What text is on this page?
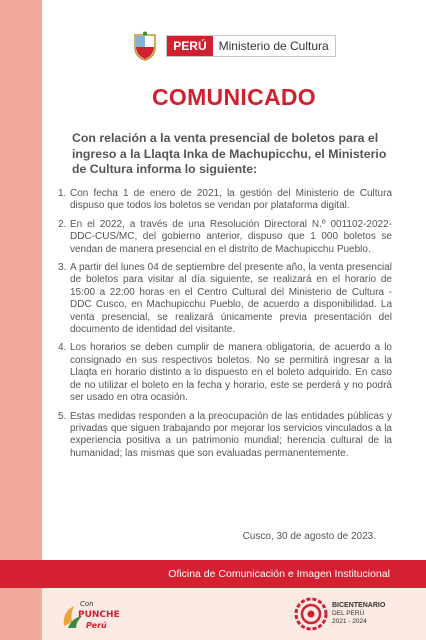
PERÚ	Ministerio de Cultura
COMUNICADO
Con relación a la venta presencial de boletos para el ingreso a la Llaqta Inka de Machupicchu, el Ministerio de Cultura informa lo siguiente:
1. Con fecha 1 de enero de 2021, la gestión del Ministerio de Cultura dispuso que todos los boletos se vendan por plataforma digital.
2. En el 2022, a través de una Resolución Directoral N.º 001102-2022-DDC-CUS/MC, del gobierno anterior, dispuso que 1 000 boletos se vendan de manera presencial en el distrito de Machupicchu Pueblo.
3. A partir del lunes 04 de septiembre del presente año, la venta presencial de boletos para visitar al día siguiente, se realizará en el horario de 15:00 a 22:00 horas en el Centro Cultural del Ministerio de Cultura - DDC Cusco, en Machupicchu Pueblo, de acuerdo a disponibilidad. La venta presencial, se realizará únicamente previa presentación del documento de identidad del visitante.
4. Los horarios se deben cumplir de manera obligatoria, de acuerdo a lo consignado en sus respectivos boletos. No se permitirá ingresar a la Llaqta en horario distinto a lo dispuesto en el boleto adquirido. En caso de no utilizar el boleto en la fecha y horario, este se perderá y no podrá ser usado en otra ocasión.
5. Estas medidas responden a la preocupación de las entidades públicas y privadas que siguen trabajando por mejorar los servicios vinculados a la experiencia positiva a un patrimonio mundial; herencia cultural de la humanidad; las mismas que son evaluadas permanentemente.
Cusco, 30 de agosto de 2023.
Oficina de Comunicación e Imagen Institucional
Con
PUNCHE
Perú
BICENTENARIO
DEL PERÚ
2021 - 2024
